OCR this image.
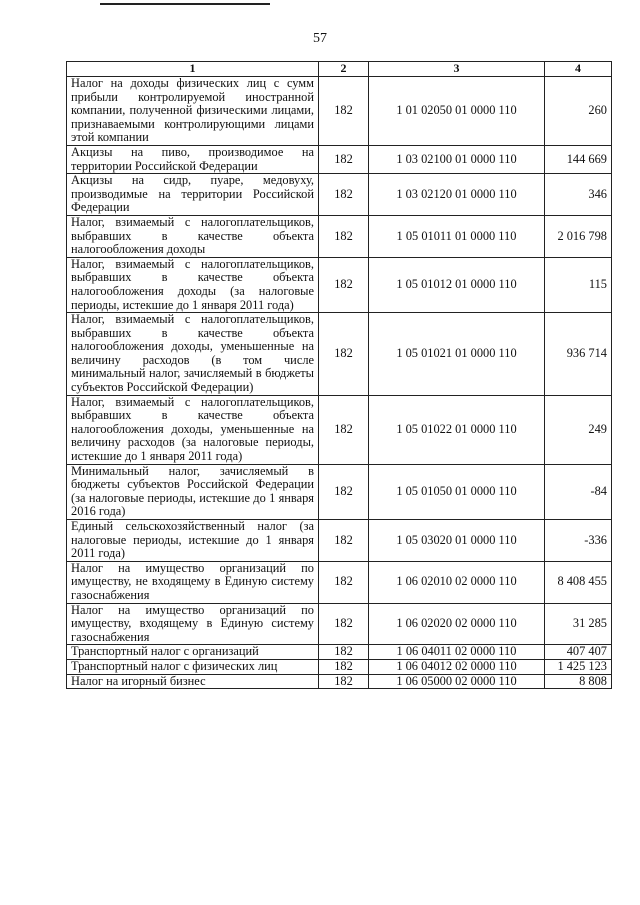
57
1	2	3	4
Налог на доходы физических лиц с сумм прибыли контролируемой иностранной компании, полученной физическими лицами, признаваемыми контролирующими лицами этой компании	182	1 01 02050 01 0000 110	260
Акцизы на пиво, производимое на территории Российской Федерации	182	1 03 02100 01 0000 110	144 669
Акцизы на сидр, пуаре, медовуху, производимые на территории Российской Федерации	182	1 03 02120 01 0000 110	346
Налог, взимаемый с налогоплательщиков, выбравших в качестве объекта налогообложения доходы	182	1 05 01011 01 0000 110	2 016 798
Налог, взимаемый с налогоплательщиков, выбравших в качестве объекта налогообложения доходы (за налоговые периоды, истекшие до 1 января 2011 года)	182	1 05 01012 01 0000 110	115
Налог, взимаемый с налогоплательщиков, выбравших в качестве объекта налогообложения доходы, уменьшенные на величину расходов (в том числе минимальный налог, зачисляемый в бюджеты субъектов Российской Федерации)	182	1 05 01021 01 0000 110	936 714
Налог, взимаемый с налогоплательщиков, выбравших в качестве объекта налогообложения доходы, уменьшенные на величину расходов (за налоговые периоды, истекшие до 1 января 2011 года)	182	1 05 01022 01 0000 110	249
Минимальный налог, зачисляемый в бюджеты субъектов Российской Федерации (за налоговые периоды, истекшие до 1 января 2016 года)	182	1 05 01050 01 0000 110	-84
Единый сельскохозяйственный налог (за налоговые периоды, истекшие до 1 января 2011 года)	182	1 05 03020 01 0000 110	-336
Налог на имущество организаций по имуществу, не входящему в Единую систему газоснабжения	182	1 06 02010 02 0000 110	8 408 455
Налог на имущество организаций по имуществу, входящему в Единую систему газоснабжения	182	1 06 02020 02 0000 110	31 285
Транспортный налог с организаций	182	1 06 04011 02 0000 110	407 407
Транспортный налог с физических лиц	182	1 06 04012 02 0000 110	1 425 123
Налог на игорный бизнес	182	1 06 05000 02 0000 110	8 808
